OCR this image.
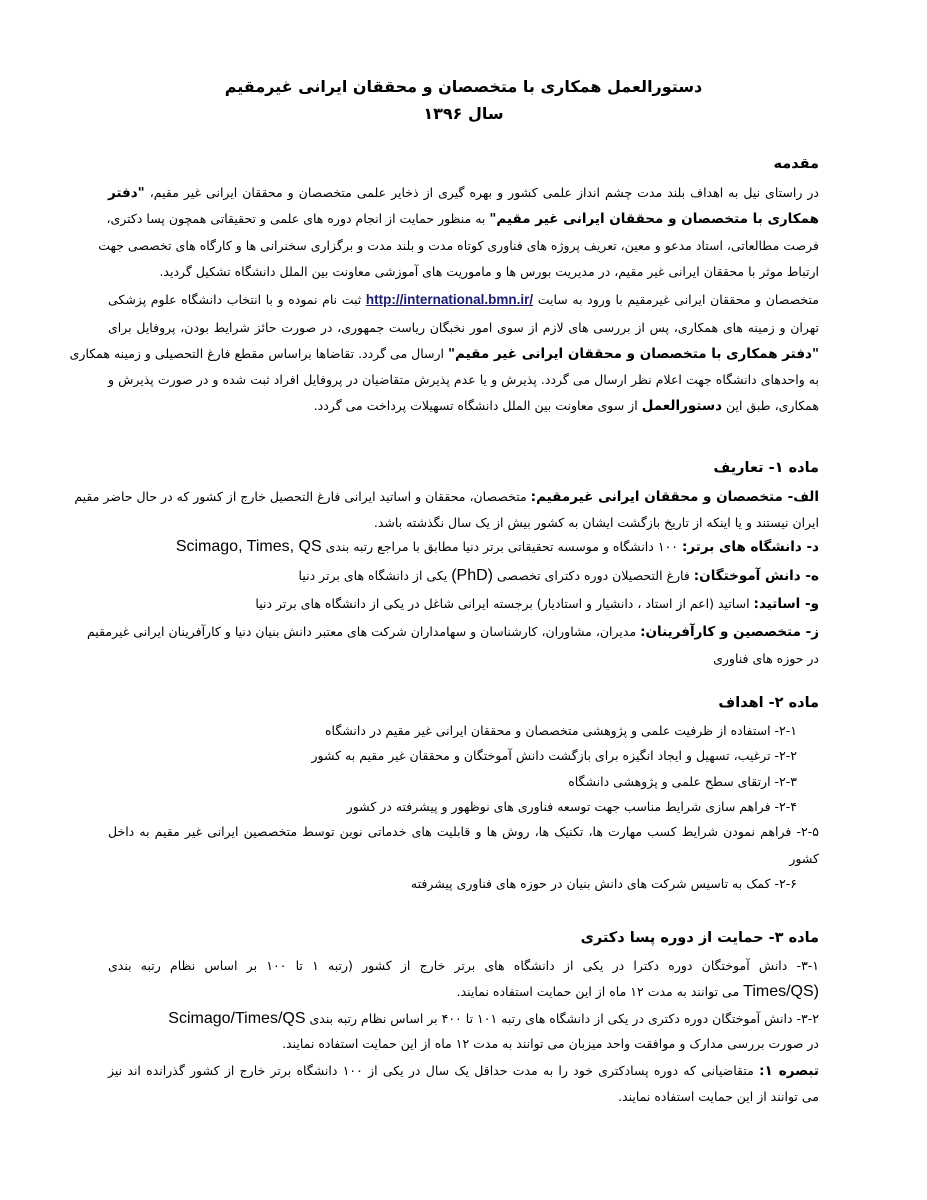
دستورالعمل همکاری با متخصصان و محققان ایرانی غیرمقیم
سال ۱۳۹۶
مقدمه
در راستای نیل به اهداف بلند مدت چشم انداز علمی کشور و بهره گیری از ذخایر علمی متخصصان و محققان ایرانی غیر مقیم، "دفتر
همکاری با متخصصان و محققان ایرانی غیر مقیم" به منظور حمایت از انجام دوره های علمی و تحقیقاتی همچون پسا دکتری،
فرصت مطالعاتی، استاد مدعو و معین، تعریف پروژه های فناوری کوتاه مدت و بلند مدت و برگزاری سخنرانی ها و کارگاه های تخصصی جهت
ارتباط موثر با محققان ایرانی غیر مقیم، در مدیریت بورس ها و ماموریت های آموزشی معاونت بین الملل دانشگاه تشکیل گردید.
متخصصان و محققان ایرانی غیرمقیم با ورود به سایت http://international.bmn.ir/ ثبت نام نموده و با انتخاب دانشگاه علوم پزشکی
تهران و زمینه های همکاری، پس از بررسی های لازم از سوی امور نخبگان ریاست جمهوری، در صورت حائز شرایط بودن، پروفایل برای
"دفتر همکاری با متخصصان و محققان ایرانی غیر مقیم" ارسال می گردد. تقاضاها براساس مقطع فارغ التحصیلی و زمینه همکاری
به واحدهای دانشگاه جهت اعلام نظر ارسال می گردد. پذیرش و یا عدم پذیرش متقاضیان در پروفایل افراد ثبت شده و در صورت پذیرش و
همکاری، طبق این دستورالعمل از سوی معاونت بین الملل دانشگاه تسهیلات پرداخت می گردد.
ماده ۱- تعاریف
الف- متخصصان و محققان ایرانی غیرمقیم: متخصصان، محققان و اساتید ایرانی فارغ التحصیل خارج از کشور که در حال حاضر مقیم
ایران نیستند و یا اینکه از تاریخ بازگشت ایشان به کشور بیش از یک سال نگذشته باشد.
د- دانشگاه های برتر: ۱۰۰ دانشگاه و موسسه تحقیقاتی برتر دنیا مطابق با مراجع رتبه بندی Scimago, Times, QS
ه- دانش آموختگان: فارغ التحصیلان دوره دکترای تخصصی (PhD) یکی از دانشگاه های برتر دنیا
و- اساتید: اساتید (اعم از استاد ، دانشیار و استادیار) برجسته ایرانی شاغل در یکی از دانشگاه های برتر دنیا
ز- متخصصین و کارآفرینان: مدیران، مشاوران، کارشناسان و سهامداران شرکت های معتبر دانش بنیان دنیا و کارآفرینان ایرانی غیرمقیم
در حوزه های فناوری
ماده ۲- اهداف
۲-۱- استفاده از ظرفیت علمی و پژوهشی متخصصان و محققان ایرانی غیر مقیم در دانشگاه
۲-۲- ترغیب، تسهیل و ایجاد انگیزه برای بازگشت دانش آموختگان و محققان غیر مقیم به کشور
۲-۳- ارتقای سطح علمی و پژوهشی دانشگاه
۲-۴- فراهم سازی شرایط مناسب جهت توسعه فناوری های نوظهور و پیشرفته در کشور
۲-۵- فراهم نمودن شرایط کسب مهارت ها، تکنیک ها، روش ها و قابلیت های خدماتی نوین توسط متخصصین ایرانی غیر مقیم به داخل
کشور
۲-۶- کمک به تاسیس شرکت های دانش بنیان در حوزه های فناوری پیشرفته
ماده ۳- حمایت از دوره پسا دکتری
۳-۱- دانش آموختگان دوره دکترا در یکی از دانشگاه های برتر خارج از کشور (رتبه ۱ تا ۱۰۰ بر اساس نظام رتبه بندی
(Times/QS می توانند به مدت ۱۲ ماه از این حمایت استفاده نمایند.
۳-۲- دانش آموختگان دوره دکتری در یکی از دانشگاه های رتبه ۱۰۱ تا ۴۰۰ بر اساس نظام رتبه بندی Scimago/Times/QS
در صورت بررسی مدارک و موافقت واحد میزبان می توانند به مدت ۱۲ ماه از این حمایت استفاده نمایند.
تبصره ۱: متقاضیانی که دوره پسادکتری خود را به مدت حداقل یک سال در یکی از ۱۰۰ دانشگاه برتر خارج از کشور گذرانده اند نیز
می توانند از این حمایت استفاده نمایند.
